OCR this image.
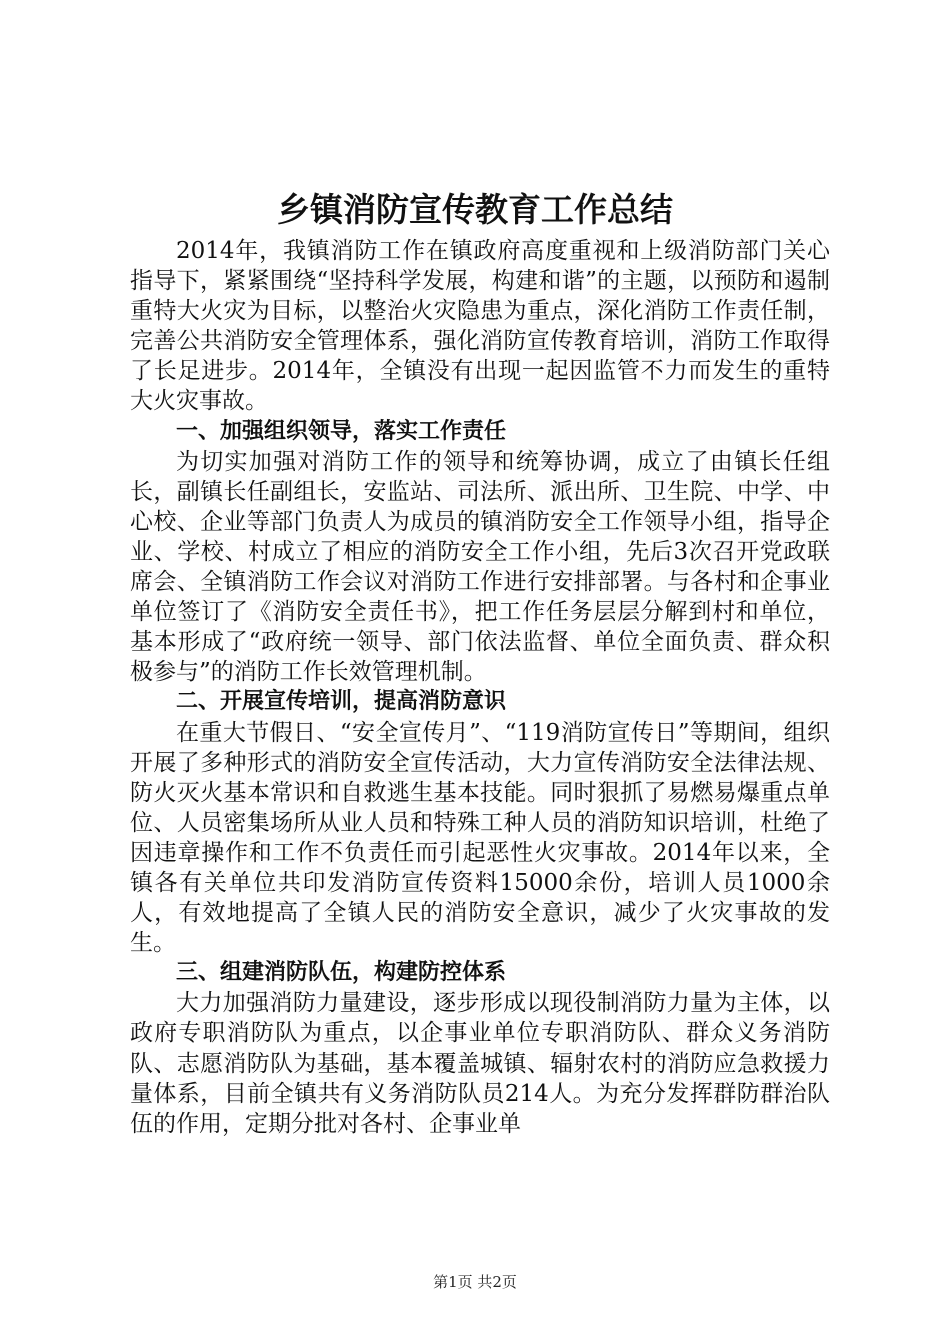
乡镇消防宣传教育工作总结

2014年，我镇消防工作在镇政府高度重视和上级消防部门关心指导下，紧紧围绕“坚持科学发展，构建和谐”的主题，以预防和遏制重特大火灾为目标，以整治火灾隐患为重点，深化消防工作责任制，完善公共消防安全管理体系，强化消防宣传教育培训，消防工作取得了长足进步。2014年，全镇没有出现一起因监管不力而发生的重特大火灾事故。

一、加强组织领导，落实工作责任

为切实加强对消防工作的领导和统筹协调，成立了由镇长任组长，副镇长任副组长，安监站、司法所、派出所、卫生院、中学、中心校、企业等部门负责人为成员的镇消防安全工作领导小组，指导企业、学校、村成立了相应的消防安全工作小组，先后3次召开党政联席会、全镇消防工作会议对消防工作进行安排部署。与各村和企事业单位签订了《消防安全责任书》，把工作任务层层分解到村和单位，基本形成了“政府统一领导、部门依法监督、单位全面负责、群众积极参与”的消防工作长效管理机制。

二、开展宣传培训，提高消防意识

在重大节假日、“安全宣传月”、“119消防宣传日”等期间，组织开展了多种形式的消防安全宣传活动，大力宣传消防安全法律法规、防火灭火基本常识和自救逃生基本技能。同时狠抓了易燃易爆重点单位、人员密集场所从业人员和特殊工种人员的消防知识培训，杜绝了因违章操作和工作不负责任而引起恶性火灾事故。2014年以来，全镇各有关单位共印发消防宣传资料15000余份，培训人员1000余人，有效地提高了全镇人民的消防安全意识，减少了火灾事故的发生。

三、组建消防队伍，构建防控体系

大力加强消防力量建设，逐步形成以现役制消防力量为主体，以政府专职消防队为重点，以企事业单位专职消防队、群众义务消防队、志愿消防队为基础，基本覆盖城镇、辐射农村的消防应急救援力量体系，目前全镇共有义务消防队员214人。为充分发挥群防群治队伍的作用，定期分批对各村、企事业单

第1页 共2页
